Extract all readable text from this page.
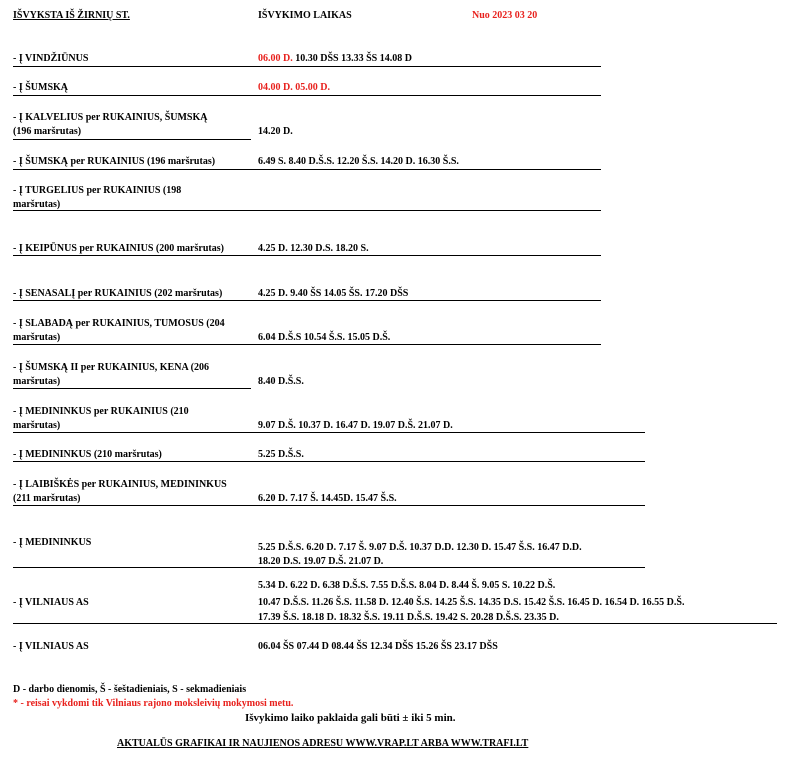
IŠVYKSTA IŠ ŽIRNIŲ ST.	IŠVYKIMO LAIKAS	Nuo 2023 03 20
- Į VINDŽIŪNUS	06.00 D. 10.30 DŠS 13.33 ŠS 14.08 D
- Į ŠUMSKĄ	04.00 D. 05.00 D.
- Į KALVELIUS per RUKAINIUS, ŠUMSKĄ
(196 maršrutas)	14.20 D.
- Į ŠUMSKĄ per RUKAINIUS (196 maršrutas)	6.49 S. 8.40 D.Š.S. 12.20 Š.S. 14.20 D. 16.30 Š.S.
- Į TURGELIUS per RUKAINIUS (198
maršrutas)
- Į KEIPŪNUS per RUKAINIUS (200 maršrutas)	4.25 D. 12.30 D.S. 18.20 S.
- Į SENASALĮ per RUKAINIUS (202 maršrutas)	4.25 D. 9.40 ŠS 14.05 ŠS. 17.20 DŠS
- Į SLABADĄ per RUKAINIUS, TUMOSUS (204
maršrutas)	6.04 D.Š.S 10.54 Š.S. 15.05 D.Š.
- Į ŠUMSKĄ II per RUKAINIUS, KENA (206
maršrutas)	8.40 D.Š.S.
- Į MEDININKUS per RUKAINIUS (210
maršrutas)	9.07 D.Š. 10.37 D. 16.47 D. 19.07 D.Š. 21.07 D.
- Į MEDININKUS (210 maršrutas)	5.25 D.Š.S.
- Į LAIBIŠKĖS per RUKAINIUS, MEDININKUS
(211 maršrutas)	6.20 D. 7.17 Š. 14.45D. 15.47 Š.S.
- Į MEDININKUS	5.25 D.Š.S. 6.20 D. 7.17 Š. 9.07 D.Š. 10.37 D.D. 12.30 D. 15.47 Š.S. 16.47 D.D.
18.20 D.S. 19.07 D.Š. 21.07 D.
- Į VILNIAUS AS
5.34 D. 6.22 D. 6.38 D.Š.S. 7.55 D.Š.S. 8.04 D. 8.44 Š. 9.05 S. 10.22 D.Š.
10.47 D.Š.S. 11.26 Š.S. 11.58 D. 12.40 Š.S. 14.25 Š.S. 14.35 D.S. 15.42 Š.S. 16.45 D. 16.54 D. 16.55 D.Š.
17.39 Š.S. 18.18 D. 18.32 Š.S. 19.11 D.Š.S. 19.42 S. 20.28 D.Š.S. 23.35 D.
- Į VILNIAUS AS	06.04 ŠS 07.44 D 08.44 ŠS 12.34 DŠS 15.26 ŠS 23.17 DŠS
D - darbo dienomis, Š - šeštadieniais, S - sekmadieniais
* - reisai vykdomi tik Vilniaus rajono moksleivių mokymosi metu.
Išvykimo laiko paklaida gali būti ± iki 5 min.
AKTUALŪS GRAFIKAI IR NAUJIENOS ADRESU WWW.VRAP.LT ARBA WWW.TRAFI.LT
